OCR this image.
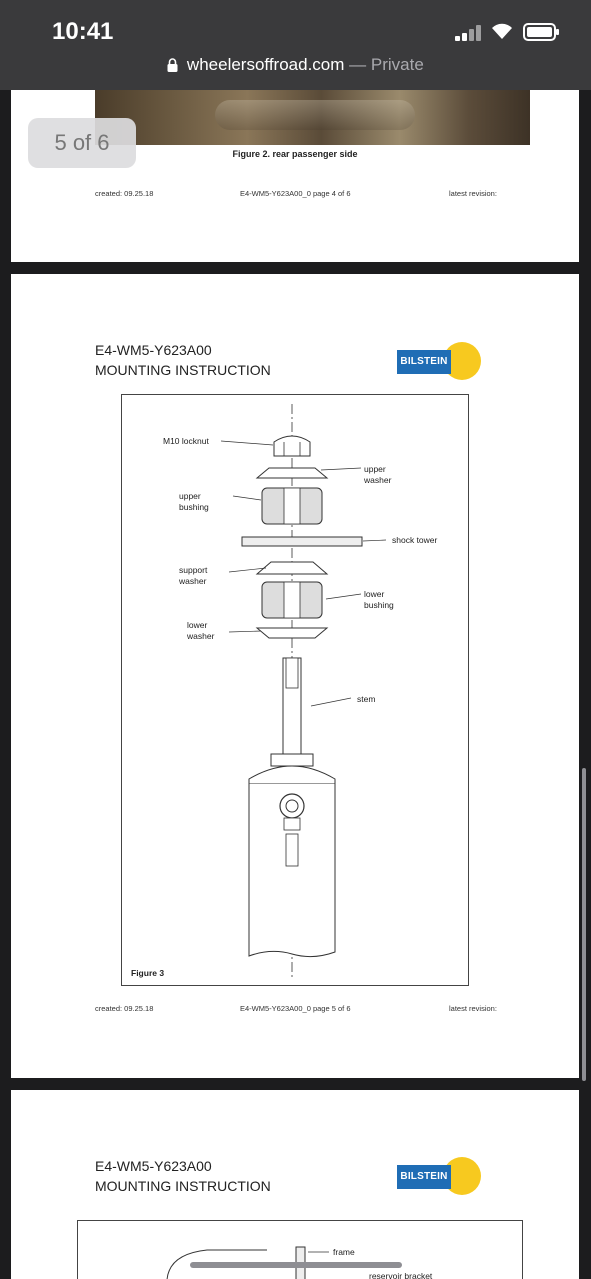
10:41
wheelersoffroad.com — Private
Figure 2. rear passenger side
created: 09.25.18	E4-WM5-Y623A00_0 page 4 of 6	latest revision:
E4-WM5-Y623A00
MOUNTING INSTRUCTION
BILSTEIN
M10 locknut
upper
washer
upper
bushing
shock tower
support
washer
lower
bushing
lower
washer
stem
Figure 3
created: 09.25.18	E4-WM5-Y623A00_0 page 5 of 6	latest revision:
E4-WM5-Y623A00
MOUNTING INSTRUCTION
BILSTEIN
frame
reservoir bracket
5 of 6
